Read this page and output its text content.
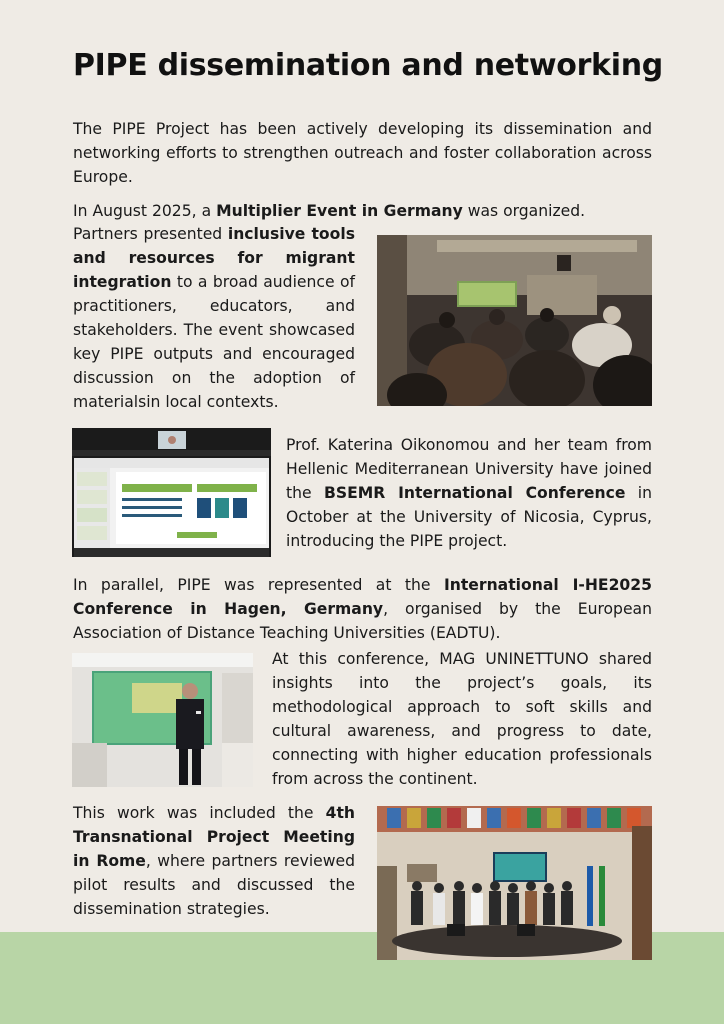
PIPE dissemination and networking

The PIPE Project has been actively developing its dissemination and networking efforts to strengthen outreach and foster collaboration across Europe.

In August 2025, a Multiplier Event in Germany was organized.

Partners presented inclusive tools and resources for migrant integration to a broad audience of practitioners, educators, and stakeholders. The event showcased key PIPE outputs and encouraged discussion on the adoption of materialsin local contexts.

Prof. Katerina Oikonomou and her team from Hellenic Mediterranean University have joined the BSEMR International Conference in October at the University of Nicosia, Cyprus, introducing the PIPE project.

In parallel, PIPE was represented at the International I-HE2025 Conference in Hagen, Germany, organised by the European Association of Distance Teaching Universities (EADTU).

At this conference, MAG UNINETTUNO shared insights into the project’s goals, its methodological approach to soft skills and cultural awareness, and progress to date, connecting with higher education professionals from across the continent.

This work was included the 4th Transnational Project Meeting in Rome, where partners reviewed pilot results and discussed the dissemination strategies.
